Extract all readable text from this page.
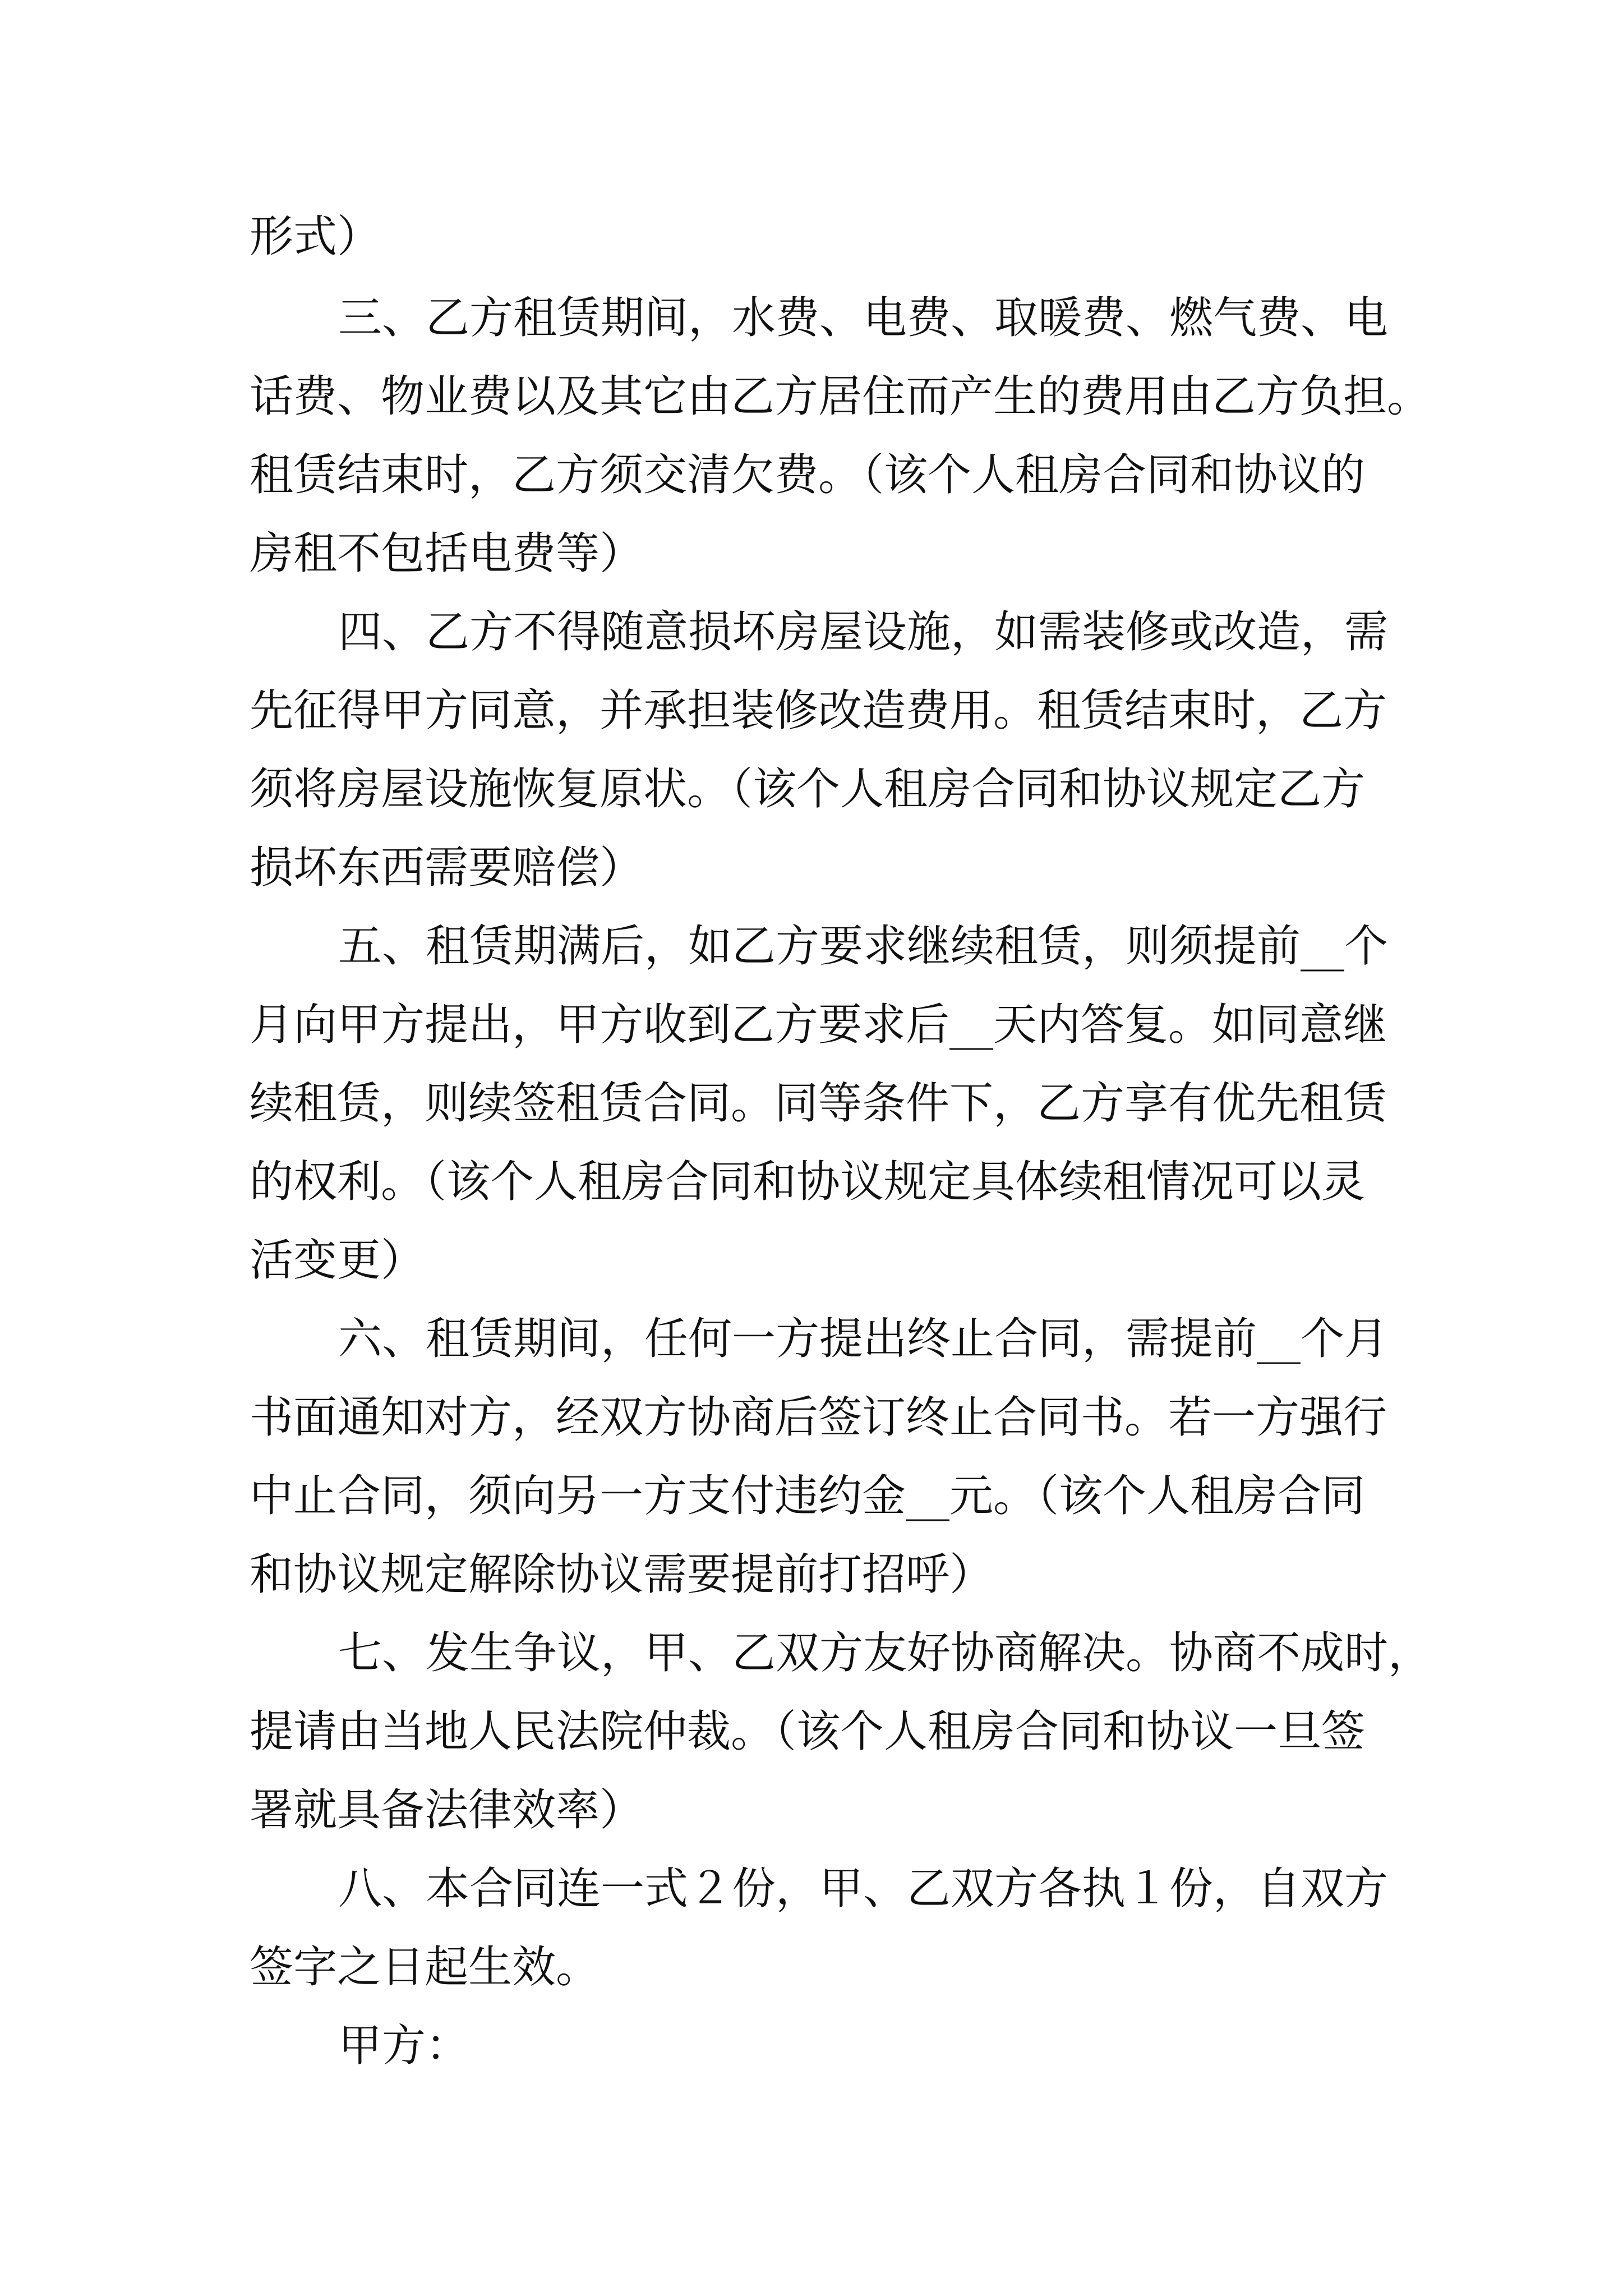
形式）
三、乙方租赁期间，水费、电费、取暖费、燃气费、电
话费、物业费以及其它由乙方居住而产生的费用由乙方负担。
租赁结束时，乙方须交清欠费。（该个人租房合同和协议的
房租不包括电费等）
四、乙方不得随意损坏房屋设施，如需装修或改造，需
先征得甲方同意，并承担装修改造费用。租赁结束时，乙方
须将房屋设施恢复原状。（该个人租房合同和协议规定乙方
损坏东西需要赔偿）
五、租赁期满后，如乙方要求继续租赁，则须提前__个
月向甲方提出，甲方收到乙方要求后__天内答复。如同意继
续租赁，则续签租赁合同。同等条件下，乙方享有优先租赁
的权利。（该个人租房合同和协议规定具体续租情况可以灵
活变更）
六、租赁期间，任何一方提出终止合同，需提前__个月
书面通知对方，经双方协商后签订终止合同书。若一方强行
中止合同，须向另一方支付违约金__元。（该个人租房合同
和协议规定解除协议需要提前打招呼）
七、发生争议，甲、乙双方友好协商解决。协商不成时，
提请由当地人民法院仲裁。（该个人租房合同和协议一旦签
署就具备法律效率）
八、本合同连一式２份，甲、乙双方各执１份，自双方
签字之日起生效。
甲方：
